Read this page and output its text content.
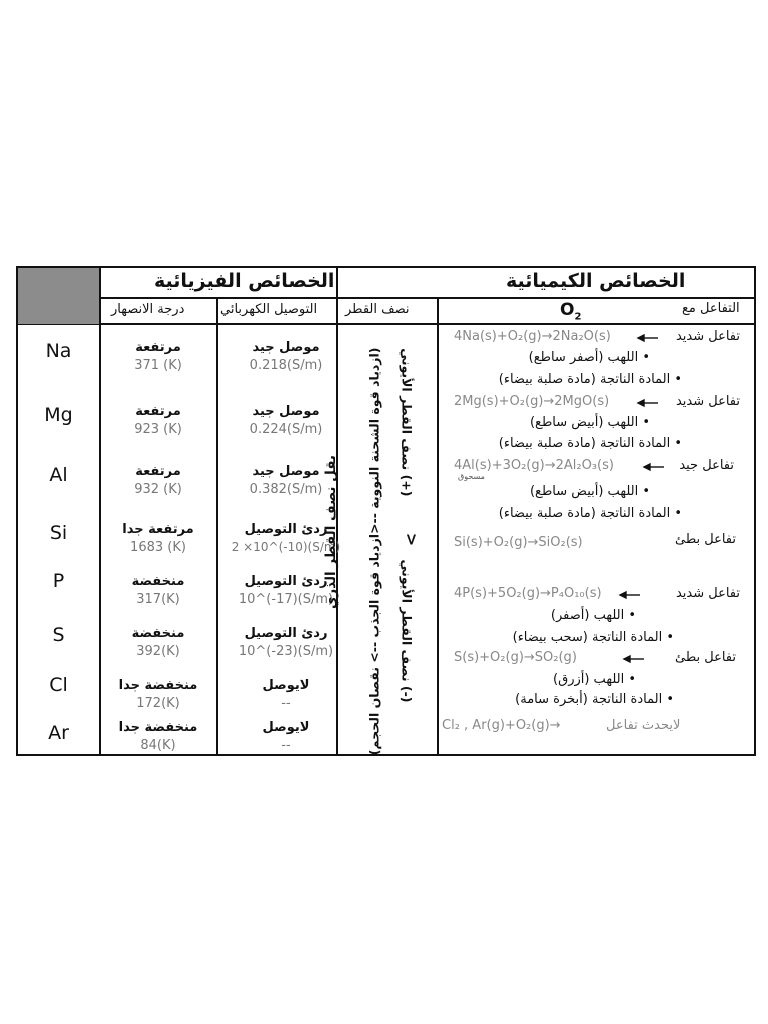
الخصائص الكيميائية
الخصائص الفيزيائية
التفاعل مع
$O_2$
نصف القطر
التوصيل الكهربائي
درجة الانصهار
Na
Mg
Al
Si
P
S
Cl
Ar
مرتفعة
371 (K)
مرتفعة
923 (K)
مرتفعة
932 (K)
مرتفعة جدا
1683 (K)
منخفضة
317(K)
منخفضة
392(K)
منخفضة جدا
172(K)
منخفضة جدا
84(K)
موصل جيد
0.218(S/m)
موصل جيد
0.224(S/m)
موصل جيد
0.382(S/m)
ردئ التوصيل
2 ×10^(-10)(S/m)
ردئ التوصيل
10^(-17)(S/m)
ردئ التوصيل
10^(-23)(S/m)
لايوصل
--
لايوصل
--
يقل نصف القطر الذري (ازدياد قوة الشحنة النووية --<ازدياد قوة الجذب --> نقصان الحجم) (+) نصف القطر الأيوني
(-) نصف القطر الأيوني
>
تفاعل شديد
4Na(s)+O₂(g)→2Na₂O(s)
• اللهب (أصفر ساطع)
• المادة الناتجة (مادة صلبة بيضاء)
تفاعل شديد
2Mg(s)+O₂(g)→2MgO(s)
• اللهب (أبيض ساطع)
• المادة الناتجة (مادة صلبة بيضاء)
تفاعل جيد
4Al(s)+3O₂(g)→2Al₂O₃(s)
مسحوق
• اللهب (أبيض ساطع)
• المادة الناتجة (مادة صلبة بيضاء)
تفاعل بطئ
Si(s)+O₂(g)→SiO₂(s)
تفاعل شديد
4P(s)+5O₂(g)→P₄O₁₀(s)
• اللهب (أصفر)
• المادة الناتجة (سحب بيضاء)
تفاعل بطئ
S(s)+O₂(g)→SO₂(g)
• اللهب (أزرق)
• المادة الناتجة (أبخرة سامة)
Cl₂ , Ar(g)+O₂(g)→	لايحدث تفاعل
